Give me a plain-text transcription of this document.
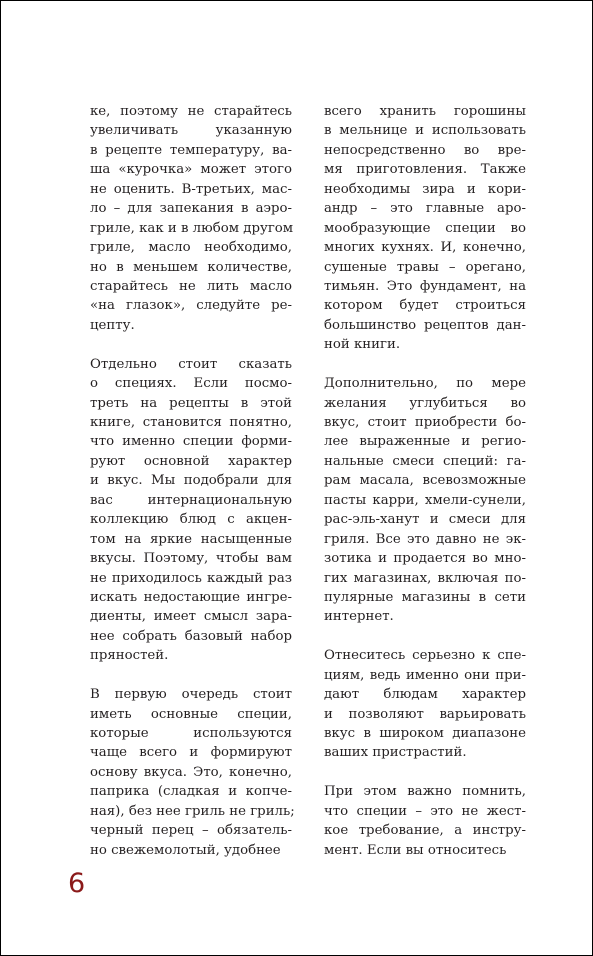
ке, поэтому не старайтесь
увеличивать указанную
в рецепте температуру, ва-
ша «курочка» может этого
не оценить. В-третьих, мас-
ло – для запекания в аэро-
гриле, как и в любом другом
гриле, масло необходимо,
но в меньшем количестве,
старайтесь не лить масло
«на глазок», следуйте ре-
цепту.
Отдельно стоит сказать
о специях. Если посмо-
треть на рецепты в этой
книге, становится понятно,
что именно специи форми-
руют основной характер
и вкус. Мы подобрали для
вас интернациональную
коллекцию блюд с акцен-
том на яркие насыщенные
вкусы. Поэтому, чтобы вам
не приходилось каждый раз
искать недостающие ингре-
диенты, имеет смысл зара-
нее собрать базовый набор
пряностей.
В первую очередь стоит
иметь основные специи,
которые используются
чаще всего и формируют
основу вкуса. Это, конечно,
паприка (сладкая и копче-
ная), без нее гриль не гриль;
черный перец – обязатель-
но свежемолотый, удобнее
всего хранить горошины
в мельнице и использовать
непосредственно во вре-
мя приготовления. Также
необходимы зира и кори-
андр – это главные аро-
мообразующие специи во
многих кухнях. И, конечно,
сушеные травы – орегано,
тимьян. Это фундамент, на
котором будет строиться
большинство рецептов дан-
ной книги.
Дополнительно, по мере
желания углубиться во
вкус, стоит приобрести бо-
лее выраженные и регио-
нальные смеси специй: га-
рам масала, всевозможные
пасты карри, хмели-сунели,
рас-эль-ханут и смеси для
гриля. Все это давно не эк-
зотика и продается во мно-
гих магазинах, включая по-
пулярные магазины в сети
интернет.
Отнеситесь серьезно к спе-
циям, ведь именно они при-
дают блюдам характер
и позволяют варьировать
вкус в широком диапазоне
ваших пристрастий.
При этом важно помнить,
что специи – это не жест-
кое требование, а инстру-
мент. Если вы относитесь
6
